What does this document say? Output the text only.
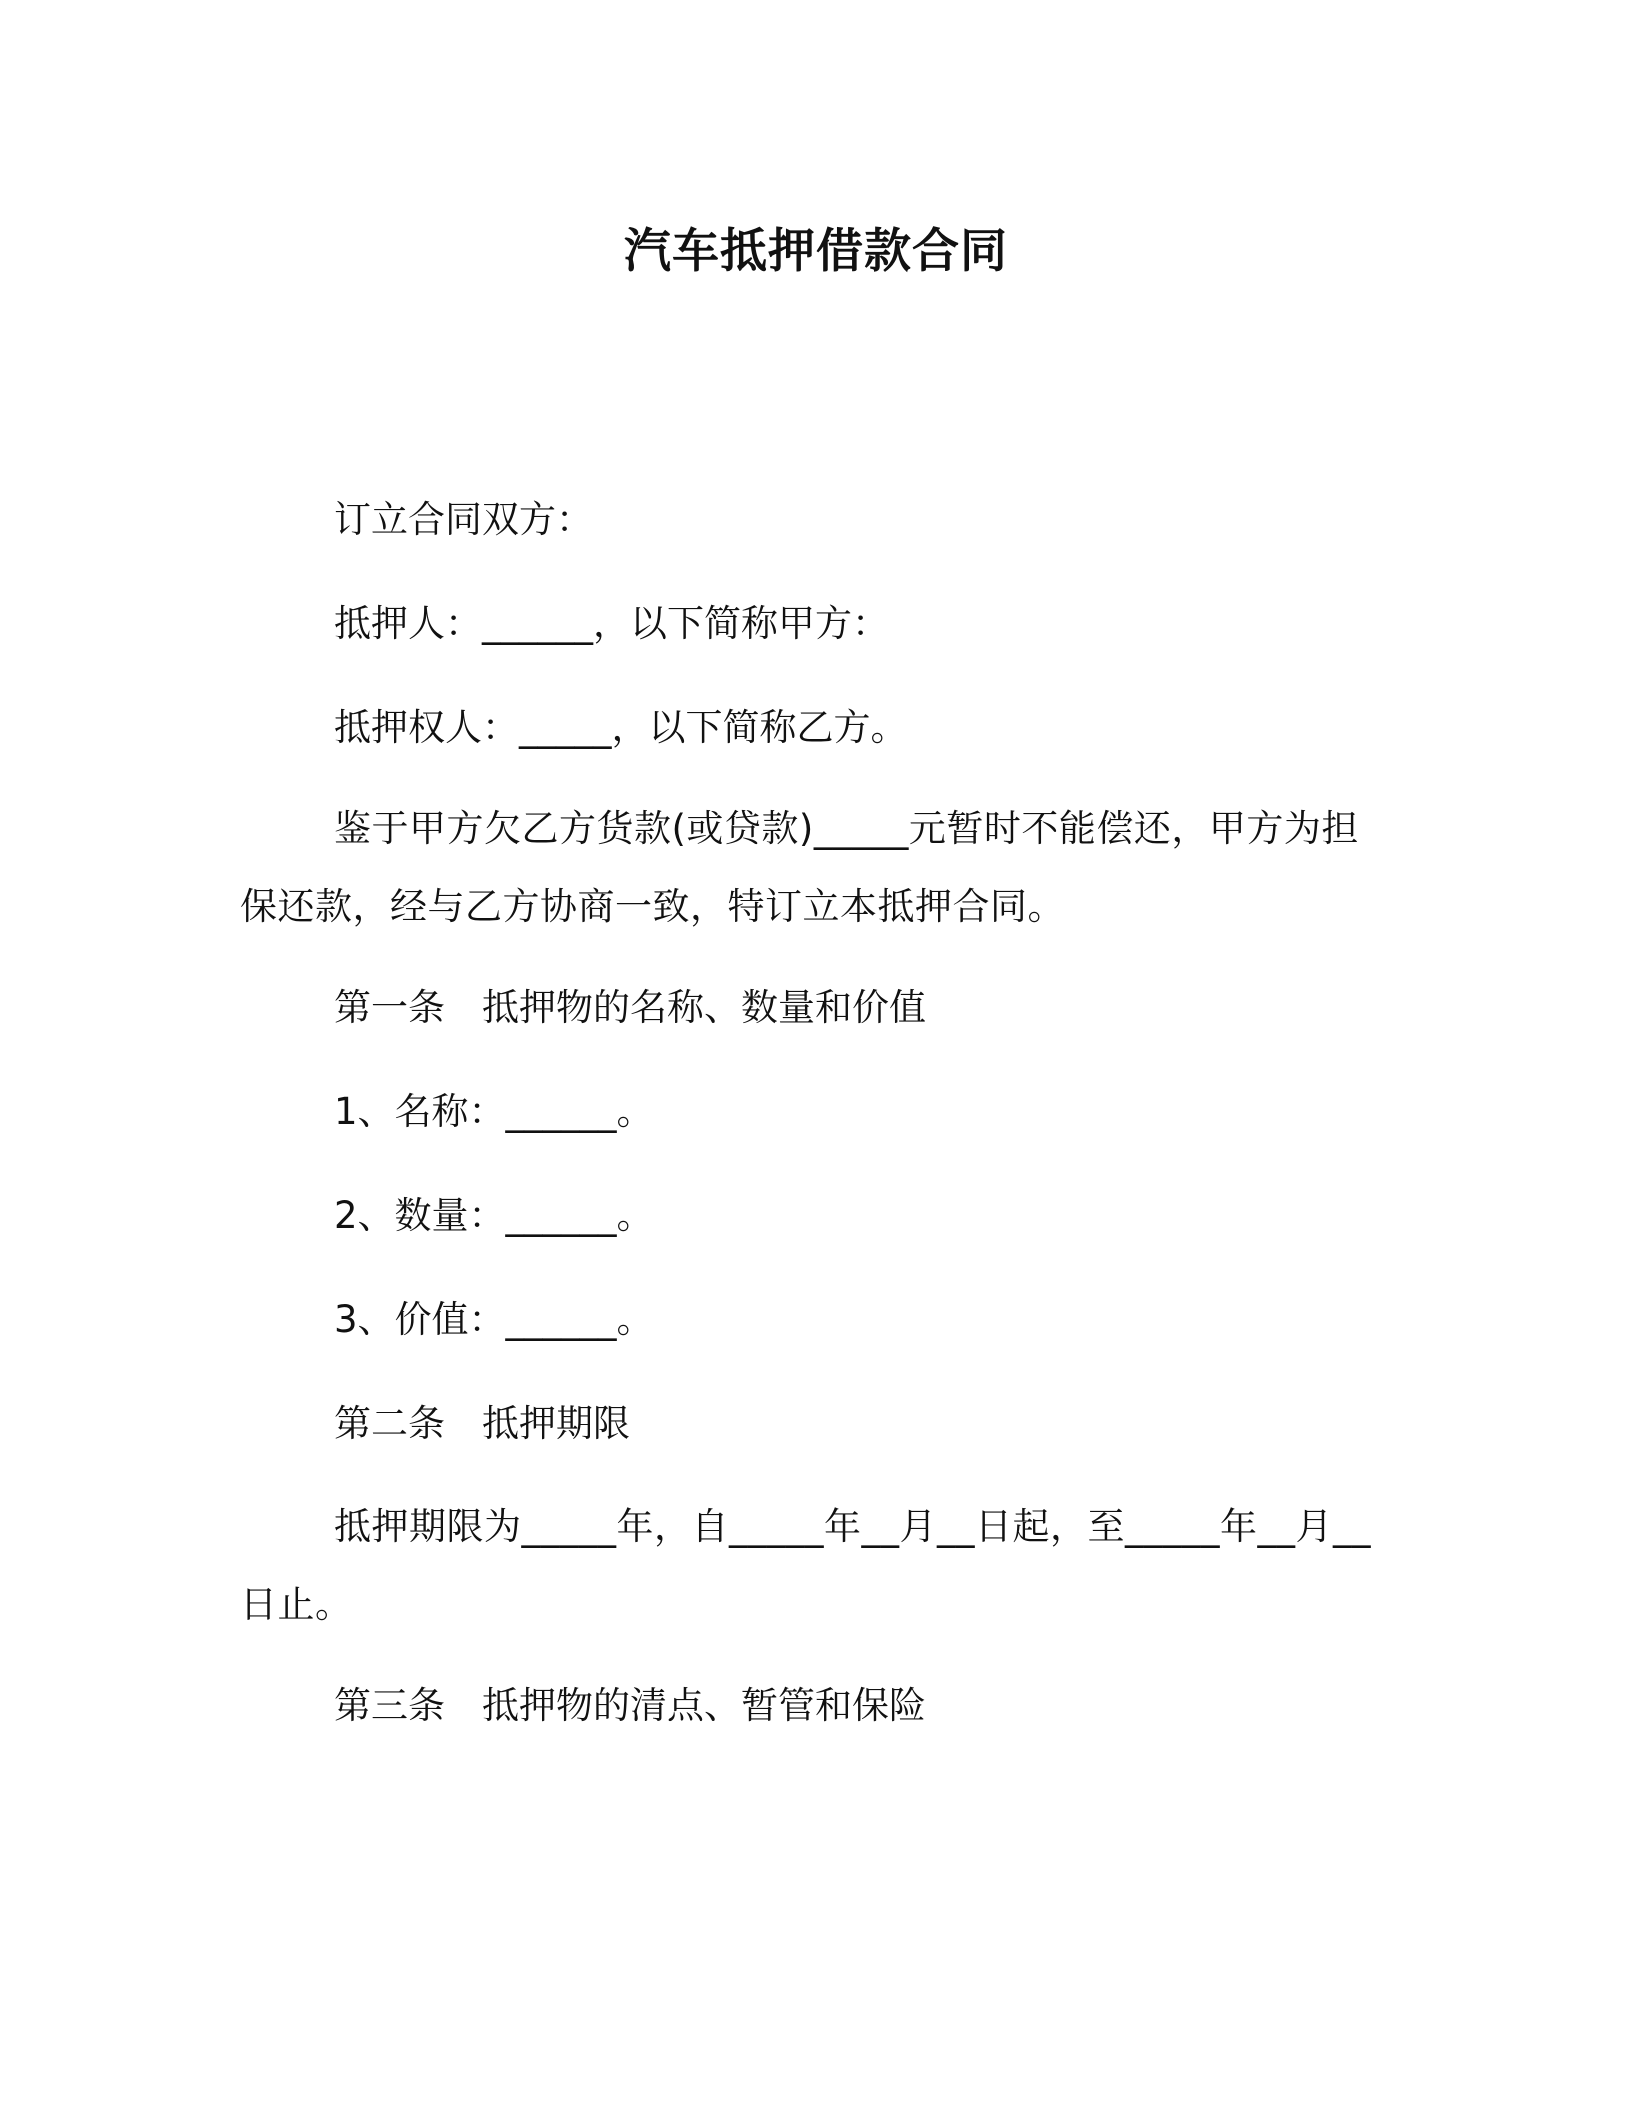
汽车抵押借款合同
订立合同双方：
抵押人：______，以下简称甲方：
抵押权人：_____，以下简称乙方。
鉴于甲方欠乙方货款(或贷款)_____元暂时不能偿还，甲方为担保还款，经与乙方协商一致，特订立本抵押合同。
第一条　抵押物的名称、数量和价值
1、名称：______。
2、数量：______。
3、价值：______。
第二条　抵押期限
抵押期限为_____年，自_____年__月__日起，至_____年__月__日止。
第三条　抵押物的清点、暂管和保险
